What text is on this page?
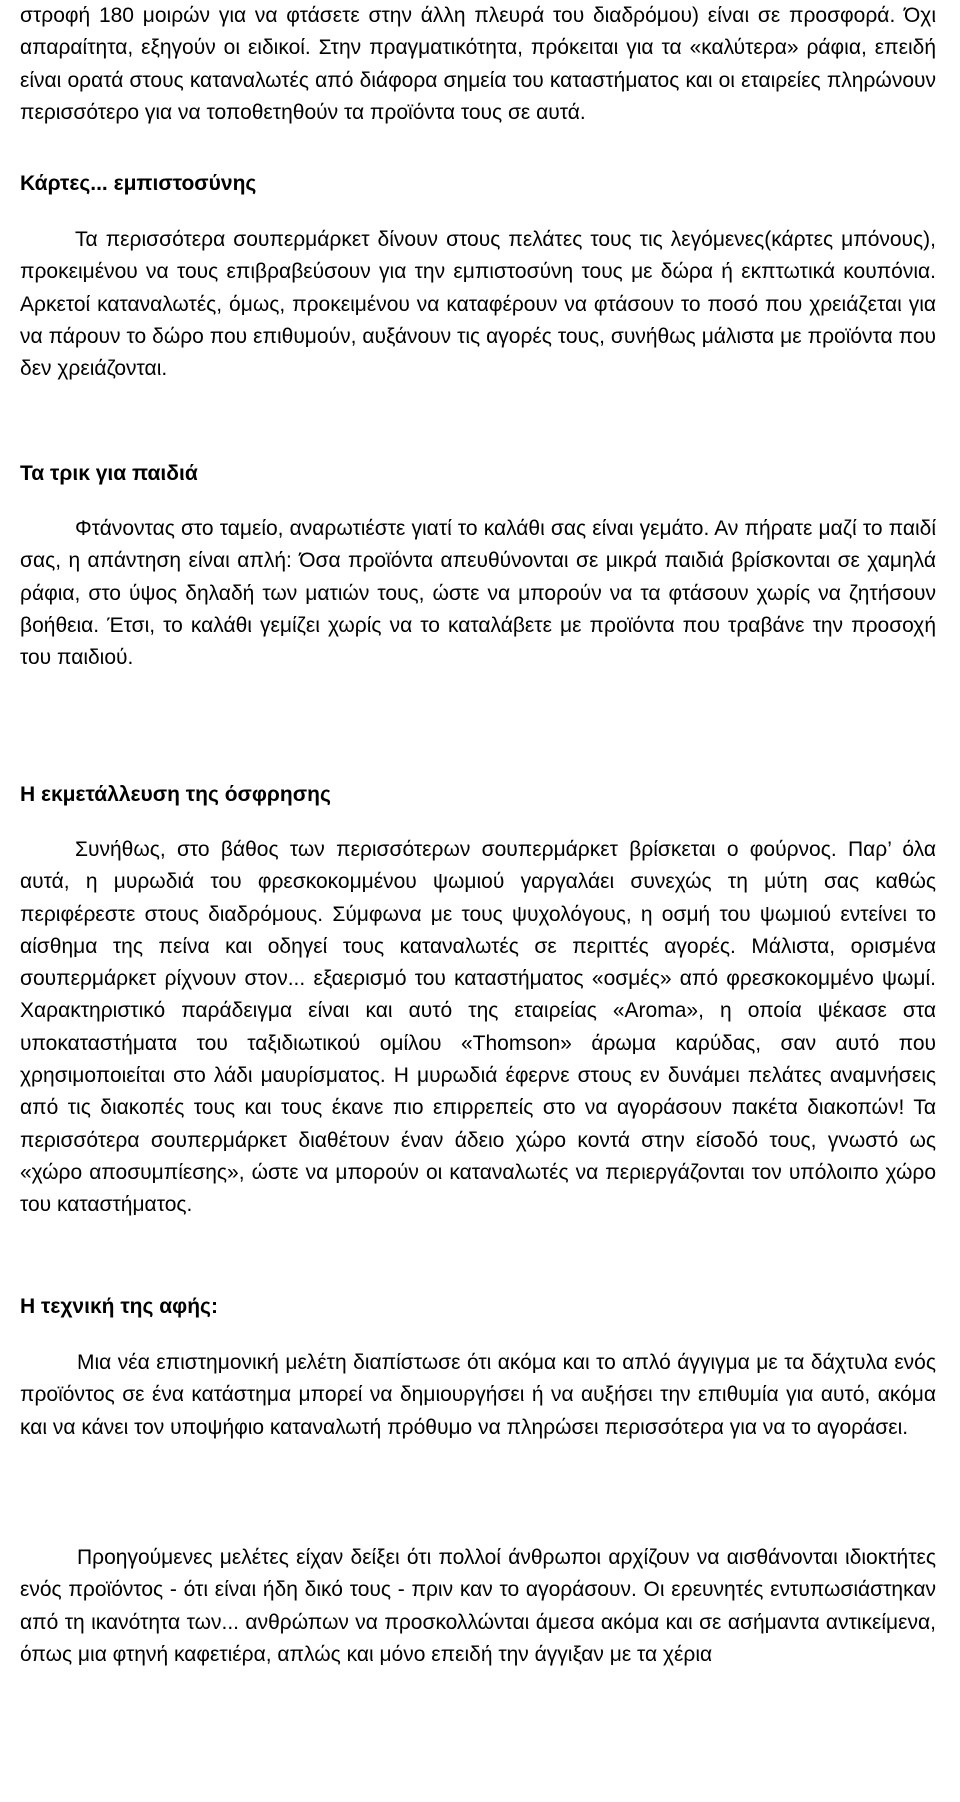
στροφή 180 μοιρών για να φτάσετε στην άλλη πλευρά του διαδρόμου) είναι σε προσφορά. Όχι απαραίτητα, εξηγούν οι ειδικοί. Στην πραγματικότητα, πρόκειται για τα «καλύτερα» ράφια, επειδή είναι ορατά στους καταναλωτές από διάφορα σημεία του καταστήματος και οι εταιρείες πληρώνουν περισσότερο για να τοποθετηθούν τα προϊόντα τους σε αυτά.

Κάρτες... εμπιστοσύνης

Τα περισσότερα σουπερμάρκετ δίνουν στους πελάτες τους τις λεγόμενες(κάρτες μπόνους), προκειμένου να τους επιβραβεύσουν για την εμπιστοσύνη τους με δώρα ή εκπτωτικά κουπόνια. Αρκετοί καταναλωτές, όμως, προκειμένου να καταφέρουν να φτάσουν το ποσό που χρειάζεται για να πάρουν το δώρο που επιθυμούν, αυξάνουν τις αγορές τους, συνήθως μάλιστα με προϊόντα που δεν χρειάζονται.

Τα τρικ για παιδιά

Φτάνοντας στο ταμείο, αναρωτιέστε γιατί το καλάθι σας είναι γεμάτο. Αν πήρατε μαζί το παιδί σας, η απάντηση είναι απλή: Όσα προϊόντα απευθύνονται σε μικρά παιδιά βρίσκονται σε χαμηλά ράφια, στο ύψος δηλαδή των ματιών τους, ώστε να μπορούν να τα φτάσουν χωρίς να ζητήσουν βοήθεια. Έτσι, το καλάθι γεμίζει χωρίς να το καταλάβετε με προϊόντα που τραβάνε την προσοχή του παιδιού.

Η εκμετάλλευση της όσφρησης

Συνήθως, στο βάθος των περισσότερων σουπερμάρκετ βρίσκεται ο φούρνος. Παρ’ όλα αυτά, η μυρωδιά του φρεσκοκομμένου ψωμιού γαργαλάει συνεχώς τη μύτη σας καθώς περιφέρεστε στους διαδρόμους. Σύμφωνα με τους ψυχολόγους, η οσμή του ψωμιού εντείνει το αίσθημα της πείνα και οδηγεί τους καταναλωτές σε περιττές αγορές. Μάλιστα, ορισμένα σουπερμάρκετ ρίχνουν στον... εξαερισμό του καταστήματος «οσμές» από φρεσκοκομμένο ψωμί. Χαρακτηριστικό παράδειγμα είναι και αυτό της εταιρείας «Aroma», η οποία ψέκασε στα υποκαταστήματα του ταξιδιωτικού ομίλου «Thomson» άρωμα καρύδας, σαν αυτό που χρησιμοποιείται στο λάδι μαυρίσματος. Η μυρωδιά έφερνε στους εν δυνάμει πελάτες αναμνήσεις από τις διακοπές τους και τους έκανε πιο επιρρεπείς στο να αγοράσουν πακέτα διακοπών! Τα περισσότερα σουπερμάρκετ διαθέτουν έναν άδειο χώρο κοντά στην είσοδό τους, γνωστό ως «χώρο αποσυμπίεσης», ώστε να μπορούν οι καταναλωτές να περιεργάζονται τον υπόλοιπο χώρο του καταστήματος.

Η τεχνική της αφής:

Μια νέα επιστημονική μελέτη διαπίστωσε ότι ακόμα και το απλό άγγιγμα με τα δάχτυλα ενός προϊόντος σε ένα κατάστημα μπορεί να δημιουργήσει ή να αυξήσει την επιθυμία για αυτό, ακόμα και να κάνει τον υποψήφιο καταναλωτή πρόθυμο να πληρώσει περισσότερα για να το αγοράσει.

Προηγούμενες μελέτες είχαν δείξει ότι πολλοί άνθρωποι αρχίζουν να αισθάνονται ιδιοκτήτες ενός προϊόντος - ότι είναι ήδη δικό τους - πριν καν το αγοράσουν. Οι ερευνητές εντυπωσιάστηκαν από τη ικανότητα των... ανθρώπων να προσκολλώνται άμεσα ακόμα και σε ασήμαντα αντικείμενα, όπως μια φτηνή καφετιέρα, απλώς και μόνο επειδή την άγγιξαν με τα χέρια
